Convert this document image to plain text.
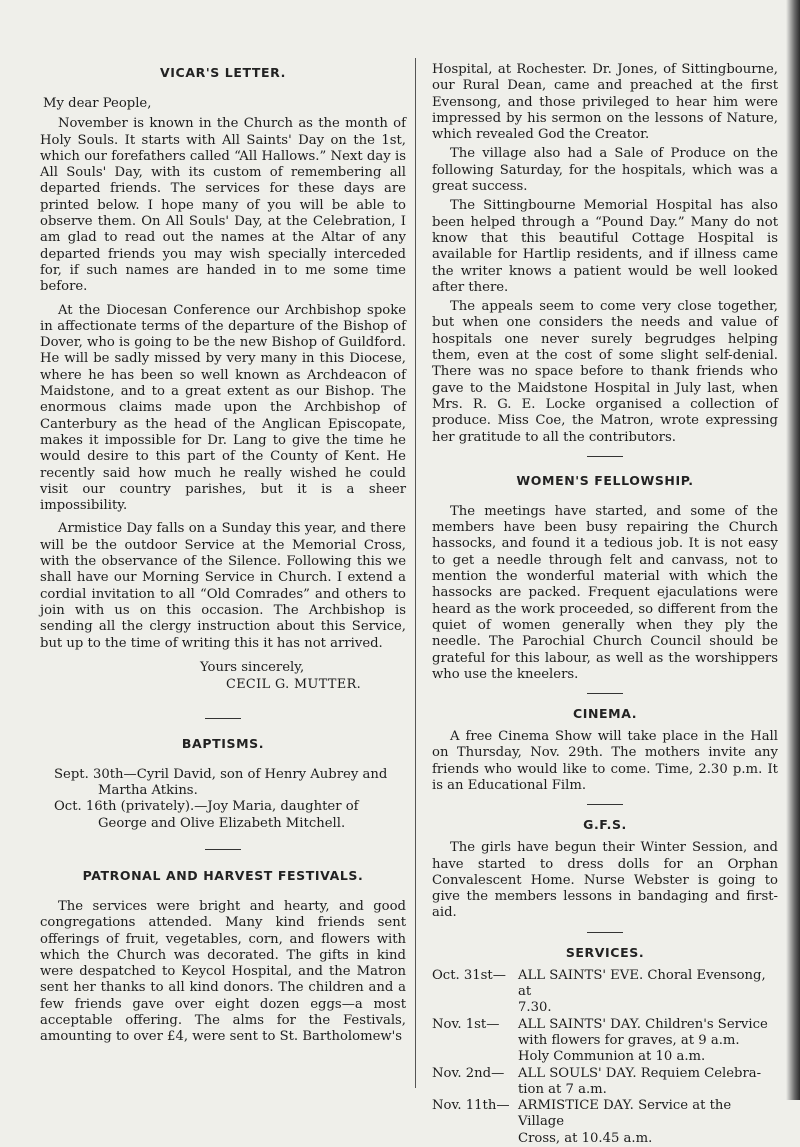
VICAR'S LETTER.

My dear People,

November is known in the Church as the month of Holy Souls. It starts with All Saints' Day on the 1st, which our forefathers called “All Hallows.” Next day is All Souls' Day, with its custom of remembering all departed friends. The services for these days are printed below. I hope many of you will be able to observe them. On All Souls' Day, at the Celebration, I am glad to read out the names at the Altar of any departed friends you may wish specially interceded for, if such names are handed in to me some time before.

At the Diocesan Conference our Archbishop spoke in affectionate terms of the departure of the Bishop of Dover, who is going to be the new Bishop of Guildford. He will be sadly missed by very many in this Diocese, where he has been so well known as Archdeacon of Maidstone, and to a great extent as our Bishop. The enormous claims made upon the Archbishop of Canterbury as the head of the Anglican Episcopate, makes it impossible for Dr. Lang to give the time he would desire to this part of the County of Kent. He recently said how much he really wished he could visit our country parishes, but it is a sheer impossibility.

Armistice Day falls on a Sunday this year, and there will be the outdoor Service at the Memorial Cross, with the observance of the Silence. Following this we shall have our Morning Service in Church. I extend a cordial invitation to all “Old Comrades” and others to join with us on this occasion. The Archbishop is sending all the clergy instruction about this Service, but up to the time of writing this it has not arrived.

Yours sincerely,
CECIL G. MUTTER.
BAPTISMS.
Sept. 30th—Cyril David, son of Henry Aubrey and Martha Atkins.
Oct. 16th (privately).—Joy Maria, daughter of George and Olive Elizabeth Mitchell.
PATRONAL AND HARVEST FESTIVALS.

The services were bright and hearty, and good congregations attended. Many kind friends sent offerings of fruit, vegetables, corn, and flowers with which the Church was decorated. The gifts in kind were despatched to Keycol Hospital, and the Matron sent her thanks to all kind donors. The children and a few friends gave over eight dozen eggs—a most acceptable offering. The alms for the Festivals, amounting to over £4, were sent to St. Bartholomew's

Hospital, at Rochester. Dr. Jones, of Sittingbourne, our Rural Dean, came and preached at the first Evensong, and those privileged to hear him were impressed by his sermon on the lessons of Nature, which revealed God the Creator.

The village also had a Sale of Produce on the following Saturday, for the hospitals, which was a great success.

The Sittingbourne Memorial Hospital has also been helped through a “Pound Day.” Many do not know that this beautiful Cottage Hospital is available for Hartlip residents, and if illness came the writer knows a patient would be well looked after there.

The appeals seem to come very close together, but when one considers the needs and value of hospitals one never surely begrudges helping them, even at the cost of some slight self-denial. There was no space before to thank friends who gave to the Maidstone Hospital in July last, when Mrs. R. G. E. Locke organised a collection of produce. Miss Coe, the Matron, wrote expressing her gratitude to all the contributors.

WOMEN'S FELLOWSHIP.

The meetings have started, and some of the members have been busy repairing the Church hassocks, and found it a tedious job. It is not easy to get a needle through felt and canvass, not to mention the wonderful material with which the hassocks are packed. Frequent ejaculations were heard as the work proceeded, so different from the quiet of women generally when they ply the needle. The Parochial Church Council should be grateful for this labour, as well as the worshippers who use the kneelers.

CINEMA.

A free Cinema Show will take place in the Hall on Thursday, Nov. 29th. The mothers invite any friends who would like to come. Time, 2.30 p.m. It is an Educational Film.

G.F.S.

The girls have begun their Winter Session, and have started to dress dolls for an Orphan Convalescent Home. Nurse Webster is going to give the members lessons in bandaging and first-aid.

SERVICES.
Oct. 31st— ALL SAINTS' EVE. Choral Evensong, at
7.30.
Nov. 1st— ALL SAINTS' DAY. Children's Service
with flowers for graves, at 9 a.m.
Holy Communion at 10 a.m.
Nov. 2nd— ALL SOULS' DAY. Requiem Celebra-
tion at 7 a.m.
Nov. 11th— ARMISTICE DAY. Service at the Village
Cross, at 10.45 a.m.
